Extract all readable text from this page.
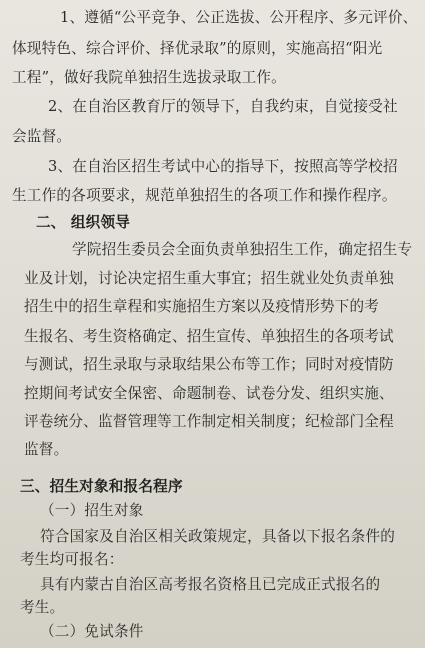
1、遵循“公平竞争、公正选拔、公开程序、多元评价、
体现特色、综合评价、择优录取”的原则，实施高招“阳光
工程”，做好我院单独招生选拔录取工作。
2、在自治区教育厅的领导下，自我约束，自觉接受社
会监督。
3、在自治区招生考试中心的指导下，按照高等学校招
生工作的各项要求，规范单独招生的各项工作和操作程序。
二、 组织领导
学院招生委员会全面负责单独招生工作，确定招生专
业及计划，讨论决定招生重大事宜；招生就业处负责单独
招生中的招生章程和实施招生方案以及疫情形势下的考
生报名、考生资格确定、招生宣传、单独招生的各项考试
与测试，招生录取与录取结果公布等工作；同时对疫情防
控期间考试安全保密、命题制卷、试卷分发、组织实施、
评卷统分、监督管理等工作制定相关制度；纪检部门全程
监督。
三、招生对象和报名程序
（一）招生对象
符合国家及自治区相关政策规定，具备以下报名条件的
考生均可报名：
具有内蒙古自治区高考报名资格且已完成正式报名的
考生。
（二）免试条件
